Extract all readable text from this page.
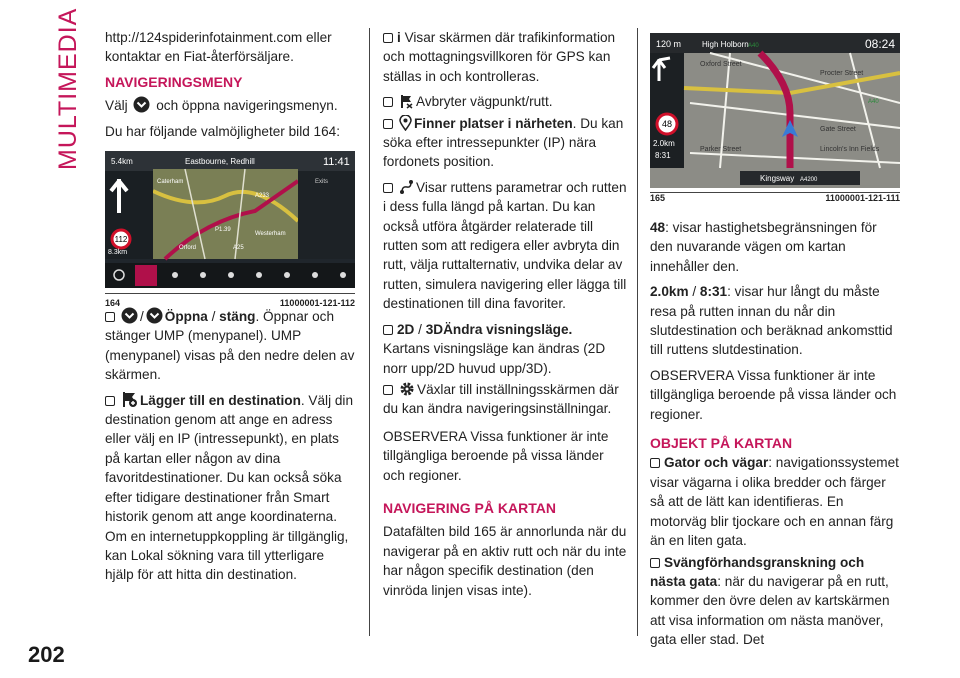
MULTIMEDIA
202

http://124spiderinfotainment.com eller kontaktar en Fiat-återförsäljare.

NAVIGERINGSMENY

Välj och öppna navigeringsmenyn.

Du har följande valmöjligheter bild 164:

112
8.3km
5.4km	Eastbourne, Redhill	11:41
Exits
Caterham
Westerham
Orford
A233
A25
P1.39
164	11000001-121-112

/ Öppna / stäng. Öppnar och stänger UMP (menypanel). UMP (menypanel) visas på den nedre delen av skärmen.

Lägger till en destination. Välj din destination genom att ange en adress eller välj en IP (intressepunkt), en plats på kartan eller någon av dina favoritdestinationer. Du kan också söka efter tidigare destinationer från Smart historik genom att ange koordinaterna. Om en internetuppkoppling är tillgänglig, kan Lokal sökning vara till ytterligare hjälp för att hitta din destination.

i Visar skärmen där trafikinformation och mottagningsvillkoren för GPS kan ställas in och kontrolleras.

Avbryter vägpunkt/rutt.

Finner platser i närheten. Du kan söka efter intressepunkter (IP) nära fordonets position.

Visar ruttens parametrar och rutten i dess fulla längd på kartan. Du kan också utföra åtgärder relaterade till rutten som att redigera eller avbryta din rutt, välja ruttalternativ, undvika delar av rutten, simulera navigering eller lägga till destinationen till dina favoriter.

2D / 3DÄndra visningsläge.

Kartans visningsläge kan ändras (2D norr upp/2D huvud upp/3D).

Växlar till inställningsskärmen där du kan ändra navigeringsinställningar.

OBSERVERA Vissa funktioner är inte tillgängliga beroende på vissa länder och regioner.

NAVIGERING PÅ KARTAN

Datafälten bild 165 är annorlunda när du navigerar på en aktiv rutt och när du inte har någon specifik destination (den vinröda linjen visas inte).

48
2.0km
8:31
120 m	High Holborn A40	08:24
Oxford Street
Procter Street
Gate Street
Parker Street	Lincoln's Inn Fields
A40
Kingsway A4200
165	11000001-121-111

48: visar hastighetsbegränsningen för den nuvarande vägen om kartan innehåller den.

2.0km / 8:31: visar hur långt du måste resa på rutten innan du når din slutdestination och beräknad ankomsttid till ruttens slutdestination.

OBSERVERA Vissa funktioner är inte tillgängliga beroende på vissa länder och regioner.

OBJEKT PÅ KARTAN

Gator och vägar: navigationssystemet visar vägarna i olika bredder och färger så att de lätt kan identifieras. En motorväg blir tjockare och en annan färg än en liten gata.

Svängförhandsgranskning och nästa gata: när du navigerar på en rutt, kommer den övre delen av kartskärmen att visa information om nästa manöver, gata eller stad. Det
